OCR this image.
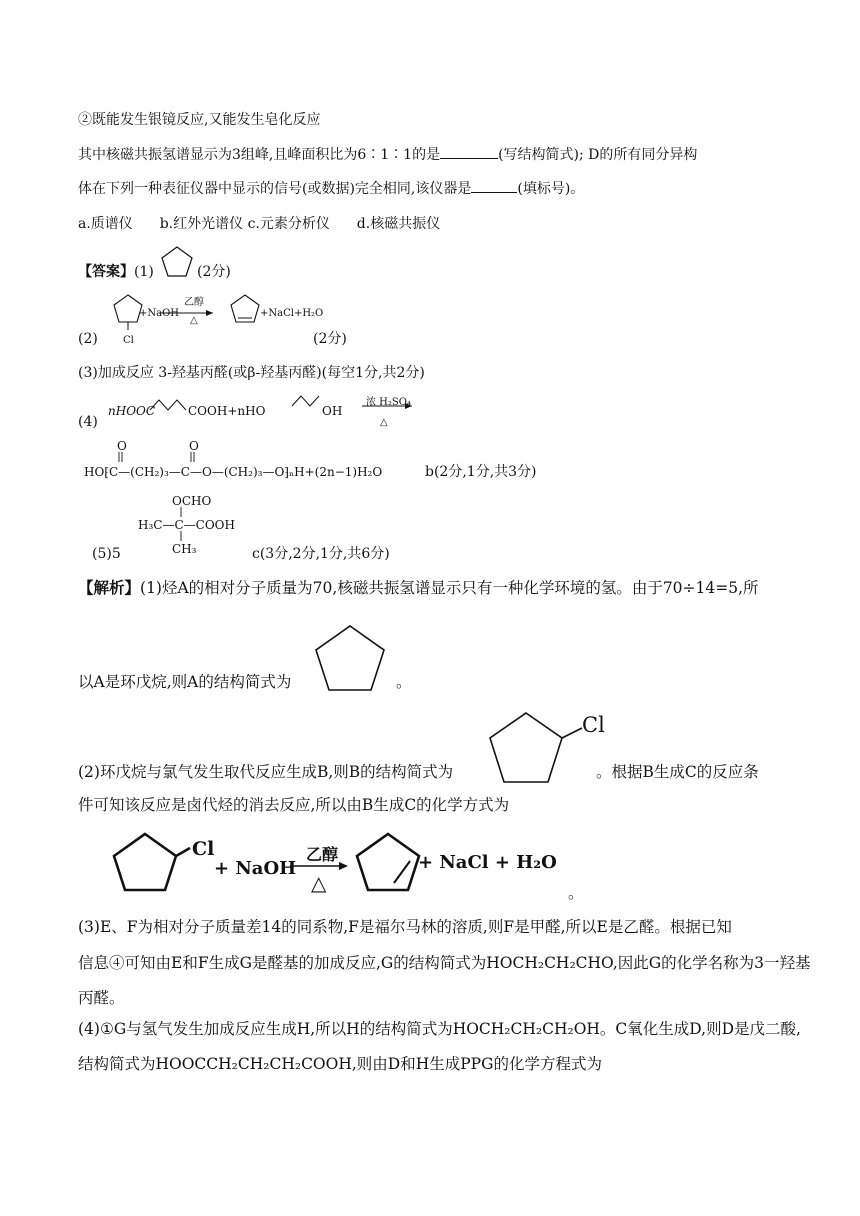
②既能发生银镜反应,又能发生皂化反应
其中核磁共振氢谱显示为3组峰,且峰面积比为6∶1∶1的是	(写结构简式); D的所有同分异构
体在下列一种表征仪器中显示的信号(或数据)完全相同,该仪器是	(填标号)。
a.质谱仪 b.红外光谱仪 c.元素分析仪 d.核磁共振仪
【答案】(1)	(2分)
(2)
+NaOH
乙醇
△
+NaCl+H₂O
Cl	(2分)
(3)加成反应 3-羟基丙醛(或β-羟基丙醛)(每空1分,共2分)
(4)
nHOOC	COOH+nHO	OH
浓 H₂SO₄
△
O	O
HO⁅C—(CH₂)₃—C—O—(CH₂)₃—O⁆ₙH+(2n−1)H₂O	b(2分,1分,共3分)
OCHO
H₃C—C—COOH
CH₃
(5)5	c(3分,2分,1分,共6分)
【解析】(1)烃A的相对分子质量为70,核磁共振氢谱显示只有一种化学环境的氢。由于70÷14=5,所
以A是环戊烷,则A的结构简式为	。
Cl
(2)环戊烷与氯气发生取代反应生成B,则B的结构简式为	。根据B生成C的反应条
件可知该反应是卤代烃的消去反应,所以由B生成C的化学方式为
Cl
+ NaOH
乙醇
△
+ NaCl + H₂O
。
(3)E、F为相对分子质量差14的同系物,F是福尔马林的溶质,则F是甲醛,所以E是乙醛。根据已知
信息④可知由E和F生成G是醛基的加成反应,G的结构简式为HOCH₂CH₂CHO,因此G的化学名称为3一羟基
丙醛。
(4)①G与氢气发生加成反应生成H,所以H的结构简式为HOCH₂CH₂CH₂OH。C氧化生成D,则D是戊二酸,
结构简式为HOOCCH₂CH₂CH₂COOH,则由D和H生成PPG的化学方程式为
